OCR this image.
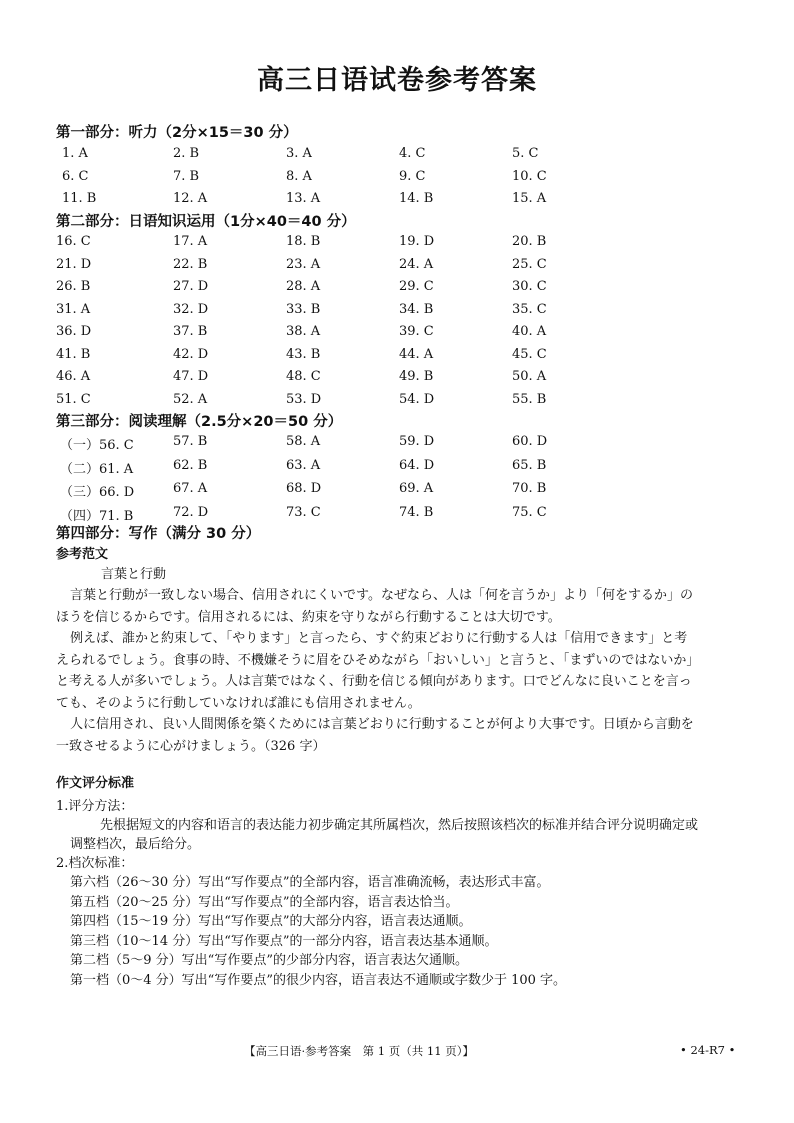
高三日语试卷参考答案
第一部分：听力（2分×15＝30 分）
1. A	2. B	3. A	4. C	5. C
6. C	7. B	8. A	9. C	10. C
11. B	12. A	13. A	14. B	15. A
第二部分：日语知识运用（1分×40＝40 分）
16. C	17. A	18. B	19. D	20. B
21. D	22. B	23. A	24. A	25. C
26. B	27. D	28. A	29. C	30. C
31. A	32. D	33. B	34. B	35. C
36. D	37. B	38. A	39. C	40. A
41. B	42. D	43. B	44. A	45. C
46. A	47. D	48. C	49. B	50. A
51. C	52. A	53. D	54. D	55. B
第三部分：阅读理解（2.5分×20＝50 分）
（一）56. C	57. B	58. A	59. D	60. D
（二）61. A	62. B	63. A	64. D	65. B
（三）66. D	67. A	68. D	69. A	70. B
（四）71. B	72. D	73. C	74. B	75. C
第四部分：写作（满分 30 分）
参考范文
言葉と行動
言葉と行動が一致しない場合、信用されにくいです。なぜなら、人は「何を言うか」より「何をするか」の
ほうを信じるからです。信用されるには、約束を守りながら行動することは大切です。
例えば、誰かと約束して、「やります」と言ったら、すぐ約束どおりに行動する人は「信用できます」と考
えられるでしょう。食事の時、不機嫌そうに眉をひそめながら「おいしい」と言うと、「まずいのではないか」
と考える人が多いでしょう。人は言葉ではなく、行動を信じる傾向があります。口でどんなに良いことを言っ
ても、そのように行動していなければ誰にも信用されません。
人に信用され、良い人間関係を築くためには言葉どおりに行動することが何より大事です。日頃から言動を
一致させるように心がけましょう。（326 字）
作文评分标准
1.评分方法：
先根据短文的内容和语言的表达能力初步确定其所属档次，然后按照该档次的标准并结合评分说明确定或
调整档次，最后给分。
2.档次标准：
第六档（26～30 分）写出“写作要点”的全部内容，语言准确流畅，表达形式丰富。
第五档（20～25 分）写出“写作要点”的全部内容，语言表达恰当。
第四档（15～19 分）写出“写作要点”的大部分内容，语言表达通顺。
第三档（10～14 分）写出“写作要点”的一部分内容，语言表达基本通顺。
第二档（5～9 分）写出“写作要点”的少部分内容，语言表达欠通顺。
第一档（0～4 分）写出“写作要点”的很少内容，语言表达不通顺或字数少于 100 字。
【高三日语·参考答案　第 1 页（共 11 页）】	• 24-R7 •
